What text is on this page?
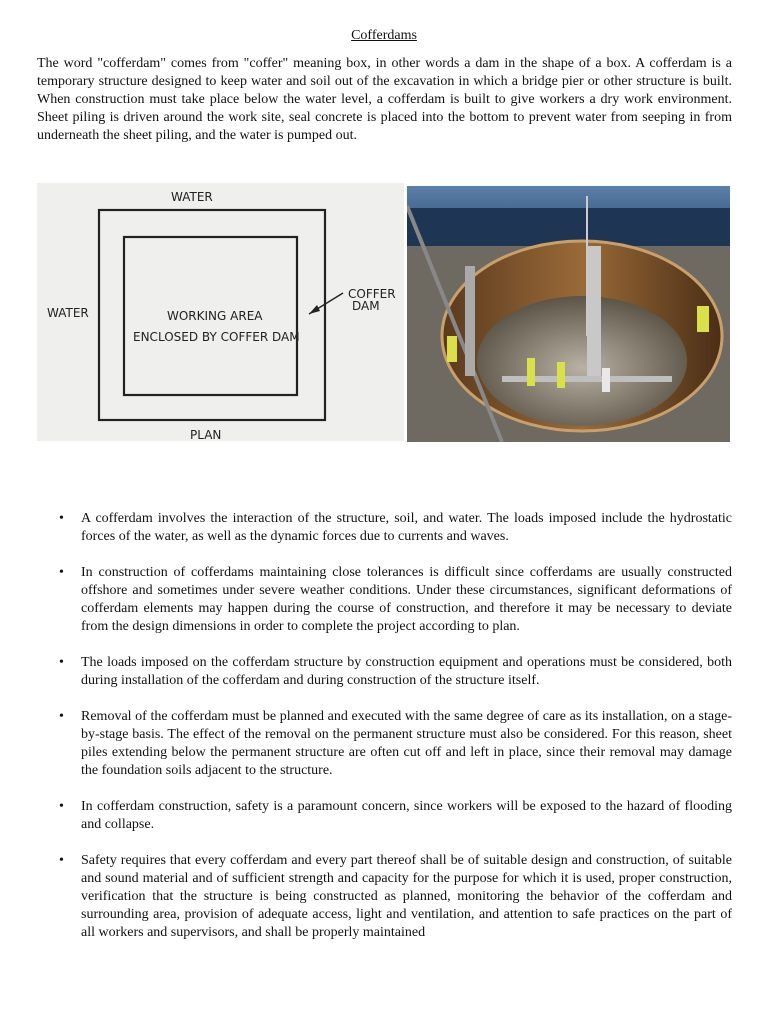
Cofferdams

The word "cofferdam" comes from "coffer" meaning box, in other words a dam in the shape of a box. A cofferdam is a temporary structure designed to keep water and soil out of the excavation in which a bridge pier or other structure is built. When construction must take place below the water level, a cofferdam is built to give workers a dry work environment. Sheet piling is driven around the work site, seal concrete is placed into the bottom to prevent water from seeping in from underneath the sheet piling, and the water is pumped out.

WATER
WATER	WORKING AREA
ENCLOSED BY COFFER DAM
COFFER
DAM
PLAN
• A cofferdam involves the interaction of the structure, soil, and water. The loads imposed include the hydrostatic forces of the water, as well as the dynamic forces due to currents and waves.
• In construction of cofferdams maintaining close tolerances is difficult since cofferdams are usually constructed offshore and sometimes under severe weather conditions. Under these circumstances, significant deformations of cofferdam elements may happen during the course of construction, and therefore it may be necessary to deviate from the design dimensions in order to complete the project according to plan.
• The loads imposed on the cofferdam structure by construction equipment and operations must be considered, both during installation of the cofferdam and during construction of the structure itself.
• Removal of the cofferdam must be planned and executed with the same degree of care as its installation, on a stage-by-stage basis. The effect of the removal on the permanent structure must also be considered. For this reason, sheet piles extending below the permanent structure are often cut off and left in place, since their removal may damage the foundation soils adjacent to the structure.
• In cofferdam construction, safety is a paramount concern, since workers will be exposed to the hazard of flooding and collapse.
• Safety requires that every cofferdam and every part thereof shall be of suitable design and construction, of suitable and sound material and of sufficient strength and capacity for the purpose for which it is used, proper construction, verification that the structure is being constructed as planned, monitoring the behavior of the cofferdam and surrounding area, provision of adequate access, light and ventilation, and attention to safe practices on the part of all workers and supervisors, and shall be properly maintained
